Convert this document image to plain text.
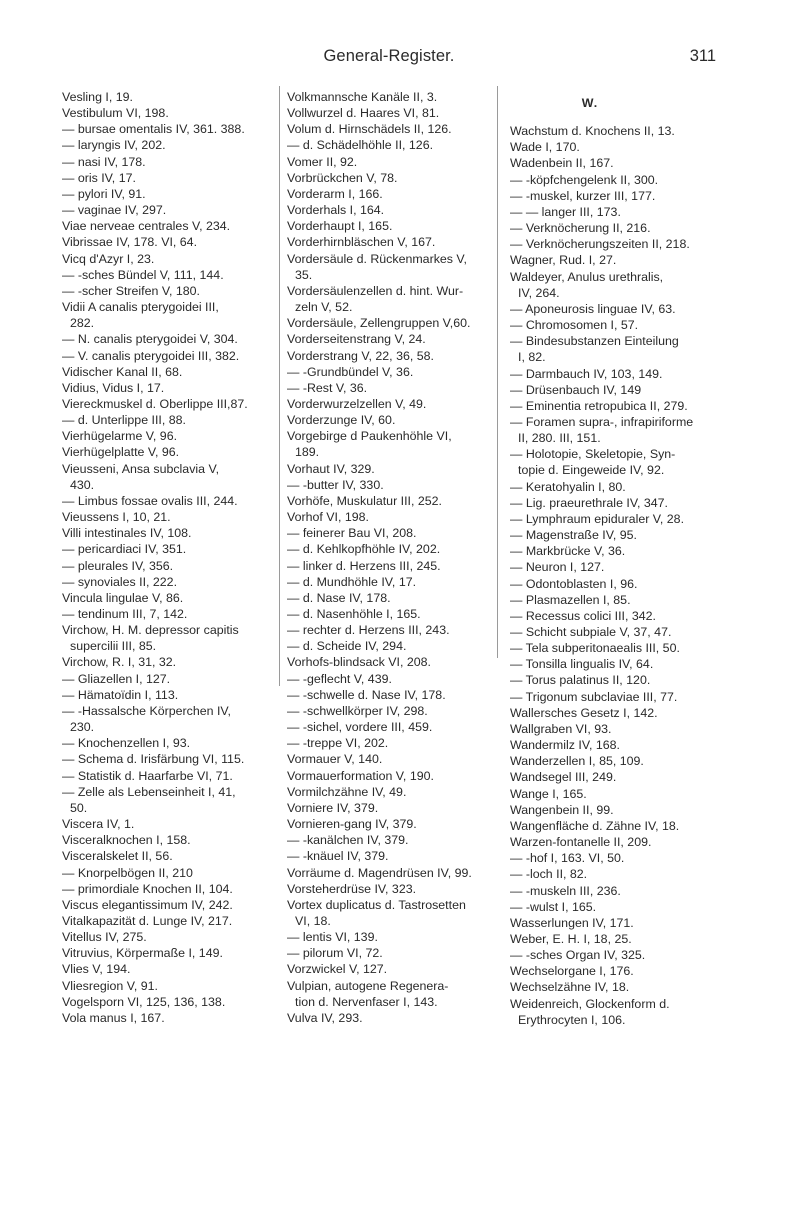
General-Register.	311
Vesling I, 19.
Vestibulum VI, 198.
— bursae omentalis IV, 361. 388.
— laryngis IV, 202.
— nasi IV, 178.
— oris IV, 17.
— pylori IV, 91.
— vaginae IV, 297.
Viae nerveae centrales V, 234.
Vibrissae IV, 178. VI, 64.
Vicq d'Azyr I, 23.
— -sches Bündel V, 111, 144.
— -scher Streifen V, 180.
Vidii A canalis pterygoidei III,
282.
— N. canalis pterygoidei V, 304.
— V. canalis pterygoidei III, 382.
Vidischer Kanal II, 68.
Vidius, Vidus I, 17.
Viereckmuskel d. Oberlippe III,87.
— d. Unterlippe III, 88.
Vierhügelarme V, 96.
Vierhügelplatte V, 96.
Vieusseni, Ansa subclavia V,
430.
— Limbus fossae ovalis III, 244.
Vieussens I, 10, 21.
Villi intestinales IV, 108.
— pericardiaci IV, 351.
— pleurales IV, 356.
— synoviales II, 222.
Vincula lingulae V, 86.
— tendinum III, 7, 142.
Virchow, H. M. depressor capitis
supercilii III, 85.
Virchow, R. I, 31, 32.
— Gliazellen I, 127.
— Hämatoïdin I, 113.
— -Hassalsche Körperchen IV,
230.
— Knochenzellen I, 93.
— Schema d. Irisfärbung VI, 115.
— Statistik d. Haarfarbe VI, 71.
— Zelle als Lebenseinheit I, 41,
50.
Viscera IV, 1.
Visceralknochen I, 158.
Visceralskelet II, 56.
— Knorpelbögen II, 210
— primordiale Knochen II, 104.
Viscus elegantissimum IV, 242.
Vitalkapazität d. Lunge IV, 217.
Vitellus IV, 275.
Vitruvius, Körpermaße I, 149.
Vlies V, 194.
Vliesregion V, 91.
Vogelsporn VI, 125, 136, 138.
Vola manus I, 167.
Volkmannsche Kanäle II, 3.
Vollwurzel d. Haares VI, 81.
Volum d. Hirnschädels II, 126.
— d. Schädelhöhle II, 126.
Vomer II, 92.
Vorbrückchen V, 78.
Vorderarm I, 166.
Vorderhals I, 164.
Vorderhaupt I, 165.
Vorderhirnbläschen V, 167.
Vordersäule d. Rückenmarkes V,
35.
Vordersäulenzellen d. hint. Wur-
zeln V, 52.
Vordersäule, Zellengruppen V,60.
Vorderseitenstrang V, 24.
Vorderstrang V, 22, 36, 58.
— -Grundbündel V, 36.
— -Rest V, 36.
Vorderwurzelzellen V, 49.
Vorderzunge IV, 60.
Vorgebirge d Paukenhöhle VI,
189.
Vorhaut IV, 329.
— -butter IV, 330.
Vorhöfe, Muskulatur III, 252.
Vorhof VI, 198.
— feinerer Bau VI, 208.
— d. Kehlkopfhöhle IV, 202.
— linker d. Herzens III, 245.
— d. Mundhöhle IV, 17.
— d. Nase IV, 178.
— d. Nasenhöhle I, 165.
— rechter d. Herzens III, 243.
— d. Scheide IV, 294.
Vorhofs-blindsack VI, 208.
— -geflecht V, 439.
— -schwelle d. Nase IV, 178.
— -schwellkörper IV, 298.
— -sichel, vordere III, 459.
— -treppe VI, 202.
Vormauer V, 140.
Vormauerformation V, 190.
Vormilchzähne IV, 49.
Vorniere IV, 379.
Vornieren-gang IV, 379.
— -kanälchen IV, 379.
— -knäuel IV, 379.
Vorräume d. Magendrüsen IV, 99.
Vorsteherdrüse IV, 323.
Vortex duplicatus d. Tastrosetten
VI, 18.
— lentis VI, 139.
— pilorum VI, 72.
Vorzwickel V, 127.
Vulpian, autogene Regenera-
tion d. Nervenfaser I, 143.
Vulva IV, 293.
W.
Wachstum d. Knochens II, 13.
Wade I, 170.
Wadenbein II, 167.
— -köpfchengelenk II, 300.
— -muskel, kurzer III, 177.
— — langer III, 173.
— Verknöcherung II, 216.
— Verknöcherungszeiten II, 218.
Wagner, Rud. I, 27.
Waldeyer, Anulus urethralis,
IV, 264.
— Aponeurosis linguae IV, 63.
— Chromosomen I, 57.
— Bindesubstanzen Einteilung
I, 82.
— Darmbauch IV, 103, 149.
— Drüsenbauch IV, 149
— Eminentia retropubica II, 279.
— Foramen supra-, infrapiriforme
II, 280. III, 151.
— Holotopie, Skeletopie, Syn-
topie d. Eingeweide IV, 92.
— Keratohyalin I, 80.
— Lig. praeurethrale IV, 347.
— Lymphraum epiduraler V, 28.
— Magenstraße IV, 95.
— Markbrücke V, 36.
— Neuron I, 127.
— Odontoblasten I, 96.
— Plasmazellen I, 85.
— Recessus colici III, 342.
— Schicht subpiale V, 37, 47.
— Tela subperitonaealis III, 50.
— Tonsilla lingualis IV, 64.
— Torus palatinus II, 120.
— Trigonum subclaviae III, 77.
Wallersches Gesetz I, 142.
Wallgraben VI, 93.
Wandermilz IV, 168.
Wanderzellen I, 85, 109.
Wandsegel III, 249.
Wange I, 165.
Wangenbein II, 99.
Wangenfläche d. Zähne IV, 18.
Warzen-fontanelle II, 209.
— -hof I, 163. VI, 50.
— -loch II, 82.
— -muskeln III, 236.
— -wulst I, 165.
Wasserlungen IV, 171.
Weber, E. H. I, 18, 25.
— -sches Organ IV, 325.
Wechselorgane I, 176.
Wechselzähne IV, 18.
Weidenreich, Glockenform d.
Erythrocyten I, 106.
